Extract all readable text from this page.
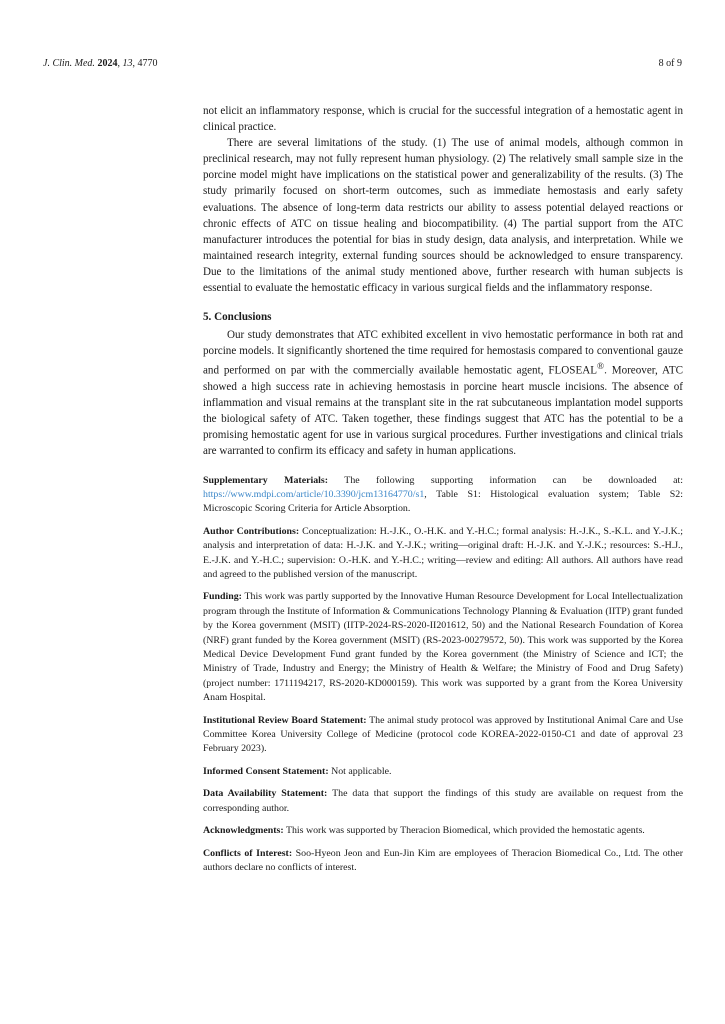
J. Clin. Med. 2024, 13, 4770	8 of 9

not elicit an inflammatory response, which is crucial for the successful integration of a hemostatic agent in clinical practice.

There are several limitations of the study. (1) The use of animal models, although common in preclinical research, may not fully represent human physiology. (2) The relatively small sample size in the porcine model might have implications on the statistical power and generalizability of the results. (3) The study primarily focused on short-term outcomes, such as immediate hemostasis and early safety evaluations. The absence of long-term data restricts our ability to assess potential delayed reactions or chronic effects of ATC on tissue healing and biocompatibility. (4) The partial support from the ATC manufacturer introduces the potential for bias in study design, data analysis, and interpretation. While we maintained research integrity, external funding sources should be acknowledged to ensure transparency. Due to the limitations of the animal study mentioned above, further research with human subjects is essential to evaluate the hemostatic efficacy in various surgical fields and the inflammatory response.

5. Conclusions

Our study demonstrates that ATC exhibited excellent in vivo hemostatic performance in both rat and porcine models. It significantly shortened the time required for hemostasis compared to conventional gauze and performed on par with the commercially available hemostatic agent, FLOSEAL®. Moreover, ATC showed a high success rate in achieving hemostasis in porcine heart muscle incisions. The absence of inflammation and visual remains at the transplant site in the rat subcutaneous implantation model supports the biological safety of ATC. Taken together, these findings suggest that ATC has the potential to be a promising hemostatic agent for use in various surgical procedures. Further investigations and clinical trials are warranted to confirm its efficacy and safety in human applications.

Supplementary Materials: The following supporting information can be downloaded at: https://www.mdpi.com/article/10.3390/jcm13164770/s1, Table S1: Histological evaluation system; Table S2: Microscopic Scoring Criteria for Article Absorption.

Author Contributions: Conceptualization: H.-J.K., O.-H.K. and Y.-H.C.; formal analysis: H.-J.K., S.-K.L. and Y.-J.K.; analysis and interpretation of data: H.-J.K. and Y.-J.K.; writing—original draft: H.-J.K. and Y.-J.K.; resources: S.-H.J., E.-J.K. and Y.-H.C.; supervision: O.-H.K. and Y.-H.C.; writing—review and editing: All authors. All authors have read and agreed to the published version of the manuscript.

Funding: This work was partly supported by the Innovative Human Resource Development for Local Intellectualization program through the Institute of Information & Communications Technology Planning & Evaluation (IITP) grant funded by the Korea government (MSIT) (IITP-2024-RS-2020-II201612, 50) and the National Research Foundation of Korea (NRF) grant funded by the Korea government (MSIT) (RS-2023-00279572, 50). This work was supported by the Korea Medical Device Development Fund grant funded by the Korea government (the Ministry of Science and ICT; the Ministry of Trade, Industry and Energy; the Ministry of Health & Welfare; the Ministry of Food and Drug Safety) (project number: 1711194217, RS-2020-KD000159). This work was supported by a grant from the Korea University Anam Hospital.

Institutional Review Board Statement: The animal study protocol was approved by Institutional Animal Care and Use Committee Korea University College of Medicine (protocol code KOREA-2022-0150-C1 and date of approval 23 February 2023).

Informed Consent Statement: Not applicable.

Data Availability Statement: The data that support the findings of this study are available on request from the corresponding author.

Acknowledgments: This work was supported by Theracion Biomedical, which provided the hemostatic agents.

Conflicts of Interest: Soo-Hyeon Jeon and Eun-Jin Kim are employees of Theracion Biomedical Co., Ltd. The other authors declare no conflicts of interest.
